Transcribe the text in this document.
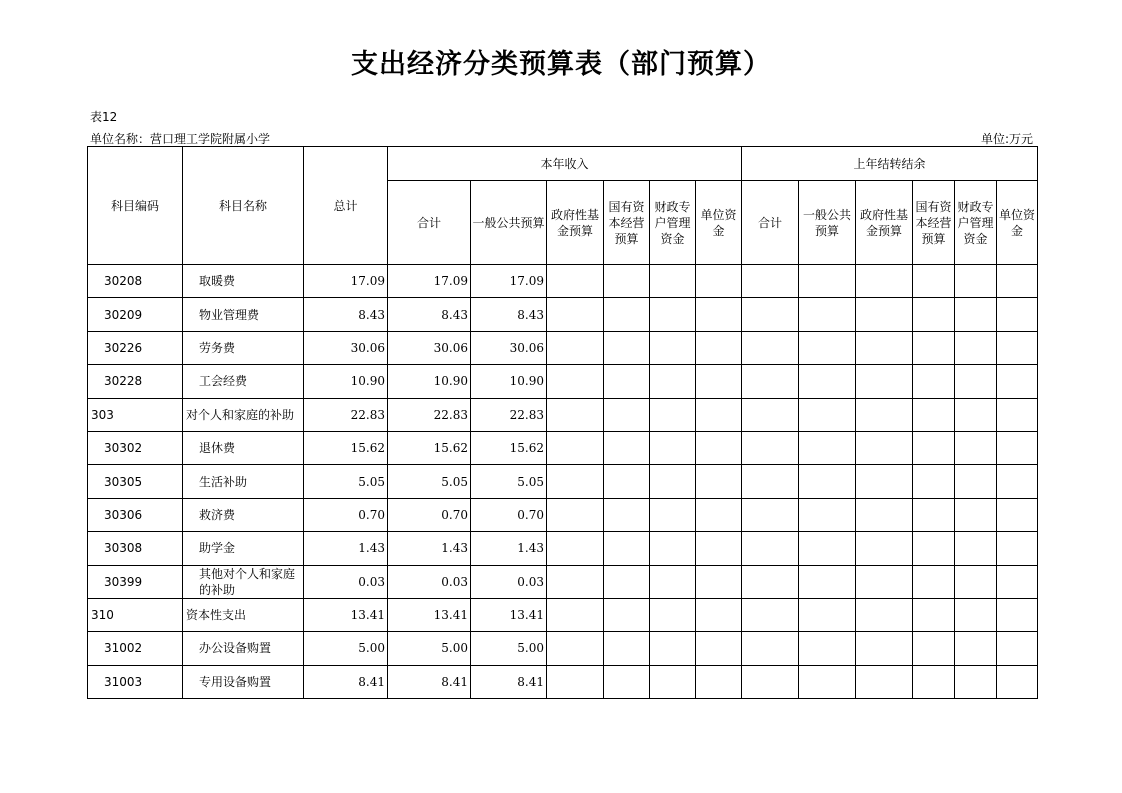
支出经济分类预算表（部门预算）
表12
单位名称：营口理工学院附属小学	单位:万元
科目编码	科目名称	总计	本年收入						上年结转结余					
			合计	一般公共预算	政府性基金预算	国有资本经营预算	财政专户管理资金	单位资金	合计	一般公共预算	政府性基金预算	国有资本经营预算	财政专户管理资金	单位资金
30208	取暖费	17.09	17.09	17.09										
30209	物业管理费	8.43	8.43	8.43										
30226	劳务费	30.06	30.06	30.06										
30228	工会经费	10.90	10.90	10.90										
303	对个人和家庭的补助	22.83	22.83	22.83										
30302	退休费	15.62	15.62	15.62										
30305	生活补助	5.05	5.05	5.05										
30306	救济费	0.70	0.70	0.70										
30308	助学金	1.43	1.43	1.43										
30399	其他对个人和家庭的补助	0.03	0.03	0.03										
310	资本性支出	13.41	13.41	13.41										
31002	办公设备购置	5.00	5.00	5.00										
31003	专用设备购置	8.41	8.41	8.41										
